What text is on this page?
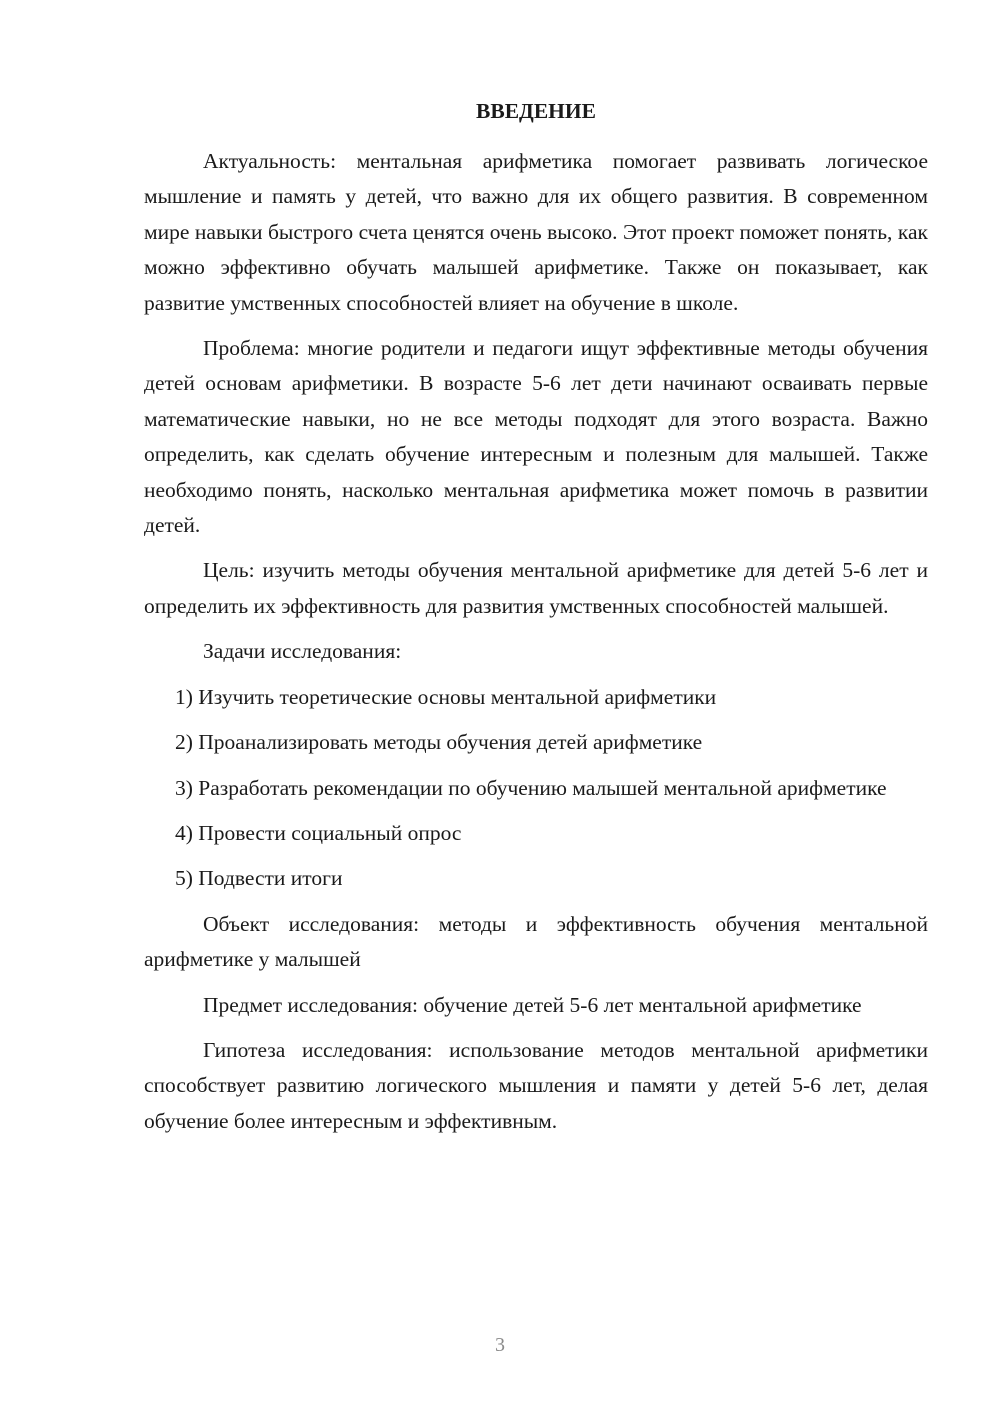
ВВЕДЕНИЕ

Актуальность: ментальная арифметика помогает развивать логическое мышление и память у детей, что важно для их общего развития. В современном мире навыки быстрого счета ценятся очень высоко. Этот проект поможет понять, как можно эффективно обучать малышей арифметике. Также он показывает, как развитие умственных способностей влияет на обучение в школе.

Проблема: многие родители и педагоги ищут эффективные методы обучения детей основам арифметики. В возрасте 5-6 лет дети начинают осваивать первые математические навыки, но не все методы подходят для этого возраста. Важно определить, как сделать обучение интересным и полезным для малышей. Также необходимо понять, насколько ментальная арифметика может помочь в развитии детей.

Цель: изучить методы обучения ментальной арифметике для детей 5-6 лет и определить их эффективность для развития умственных способностей малышей.

Задачи исследования:

1) Изучить теоретические основы ментальной арифметики

2) Проанализировать методы обучения детей арифметике

3) Разработать рекомендации по обучению малышей ментальной арифметике

4) Провести социальный опрос

5) Подвести итоги

Объект исследования: методы и эффективность обучения ментальной арифметике у малышей

Предмет исследования: обучение детей 5-6 лет ментальной арифметике

Гипотеза исследования: использование методов ментальной арифметики способствует развитию логического мышления и памяти у детей 5-6 лет, делая обучение более интересным и эффективным.

3
